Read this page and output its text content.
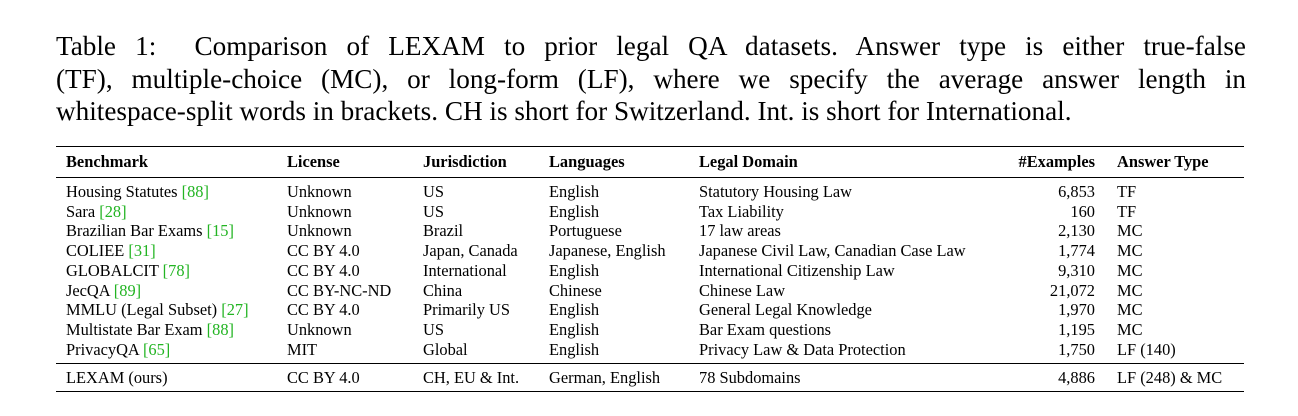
Table 1: Comparison of LEXAM to prior legal QA datasets. Answer type is either true-false
(TF), multiple-choice (MC), or long-form (LF), where we specify the average answer length in
whitespace-split words in brackets. CH is short for Switzerland. Int. is short for International.
Benchmark	License	Jurisdiction	Languages	Legal Domain	#Examples	Answer Type
Housing Statutes [88]	Unknown	US	English	Statutory Housing Law	6,853	TF
Sara [28]	Unknown	US	English	Tax Liability	160	TF
Brazilian Bar Exams [15]	Unknown	Brazil	Portuguese	17 law areas	2,130	MC
COLIEE [31]	CC BY 4.0	Japan, Canada	Japanese, English	Japanese Civil Law, Canadian Case Law	1,774	MC
GLOBALCIT [78]	CC BY 4.0	International	English	International Citizenship Law	9,310	MC
JecQA [89]	CC BY-NC-ND	China	Chinese	Chinese Law	21,072	MC
MMLU (Legal Subset) [27]	CC BY 4.0	Primarily US	English	General Legal Knowledge	1,970	MC
Multistate Bar Exam [88]	Unknown	US	English	Bar Exam questions	1,195	MC
PrivacyQA [65]	MIT	Global	English	Privacy Law & Data Protection	1,750	LF (140)
LEXAM (ours)	CC BY 4.0	CH, EU & Int.	German, English	78 Subdomains	4,886	LF (248) & MC
